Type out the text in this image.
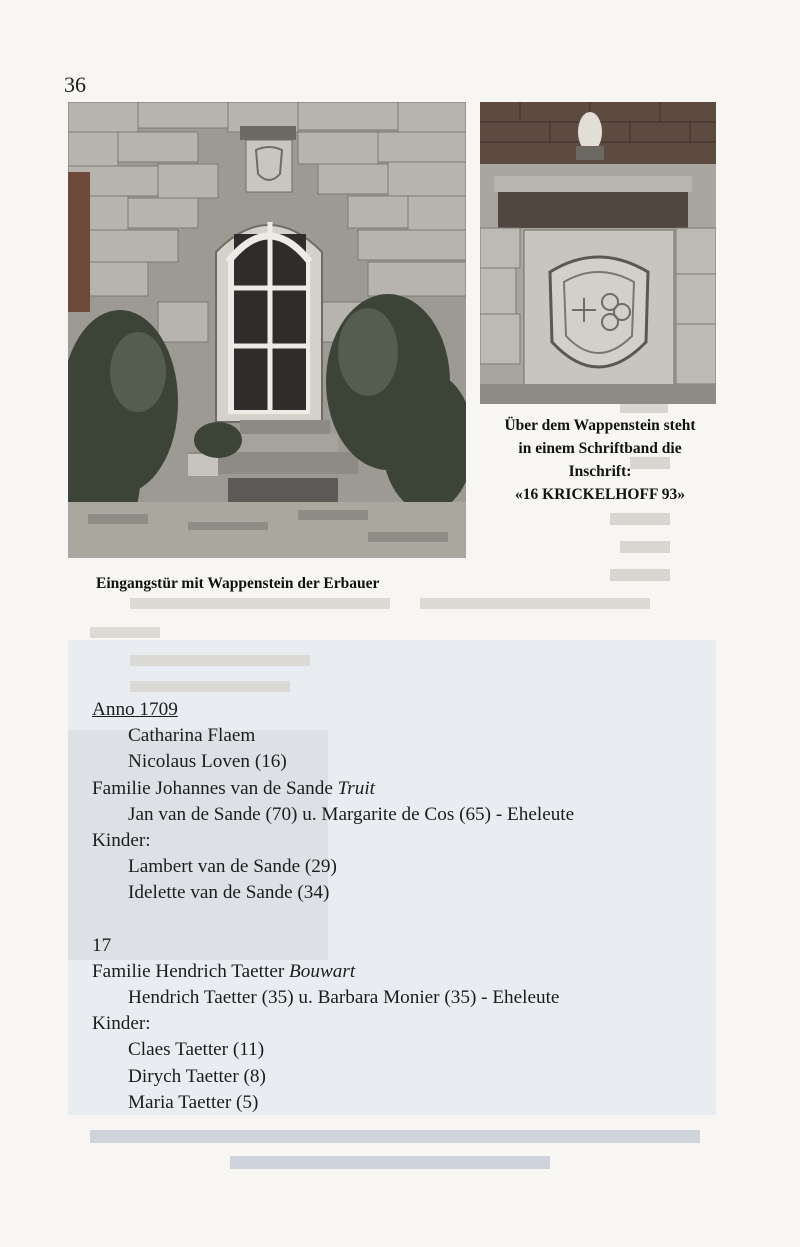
36
Eingangstür mit Wappenstein der Erbauer
Über dem Wappenstein steht
in einem Schriftband die
Inschrift:
«16 KRICKELHOFF 93»
Anno 1709
Catharina Flaem
Nicolaus Loven (16)
Familie Johannes van de Sande Truit
Jan van de Sande (70) u. Margarite de Cos (65) - Eheleute
Kinder:
Lambert van de Sande (29)
Idelette van de Sande (34)
17
Familie Hendrich Taetter Bouwart
Hendrich Taetter (35) u. Barbara Monier (35) - Eheleute
Kinder:
Claes Taetter (11)
Dirych Taetter (8)
Maria Taetter (5)
